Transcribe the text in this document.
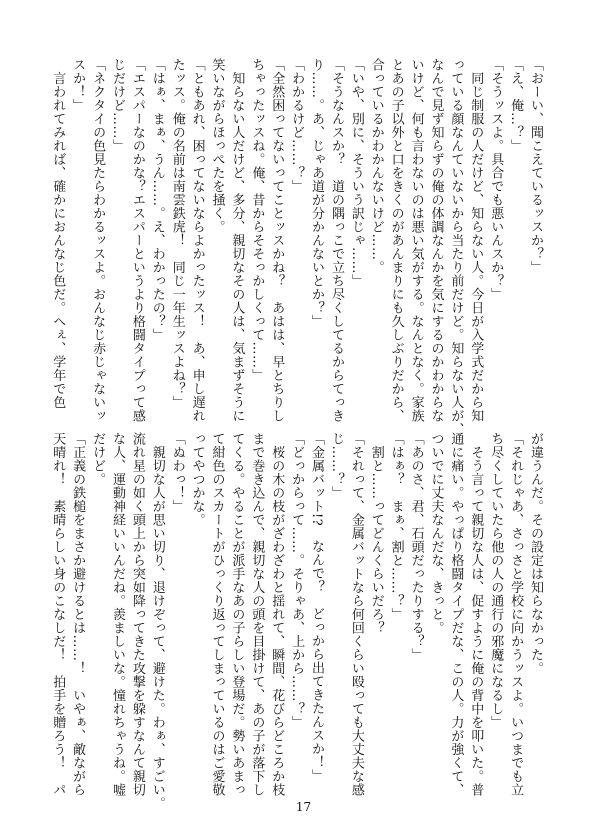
「おーい、聞こえているッスか？」

「え、俺…？」

「そうッスよ。具合でも悪いんスか？」

　同じ制服の人だけど、知らない人。今日が入学式だから知

っている顔なんていないから当たり前だけど。知らない人が、

なんで見ず知らずの俺の体調なんかを気にするのかわからな

いけど、何も言わないのは悪い気がする。なんとなく。家族

とあの子以外と口をきくのがあんまりにも久しぶりだから、

合っているかわかんないけど……。

「いや、別に、そういう訳じゃ……」

「そうなんスか？　道の隅っこで立ち尽くしてるからてっき

り……。あ、じゃあ道が分かんないとか？」

「わかるけど……？」

「全然困ってないってことッスかね？　あはは、早とちりし

ちゃったッスね。俺、昔からそそっかしくって……」

　知らない人だけど、多分、親切なその人は、気まずそうに

笑いながらほっぺたを掻く。

「ともあれ、困ってないならよかったッス！　あ、申し遅れ

たッス。俺の名前は南雲鉄虎！　同じ一年生ッスよね？」

「はぁ、まぁ、うん……。え、わかったの？」

「エスパーなのかな？エスパーというより格闘タイプって感

じだけど……」

「ネクタイの色見たらわかるッスよ。おんなじ赤じゃないッ

スか！」

　言われてみれば、確かにおんなじ色だ。へぇ、学年で色

が違うんだ。その設定は知らなかった。

「それじゃあ、さっさと学校に向かうッスよ。いつまでも立

ち尽くしていたら他の人の通行の邪魔になるし」

　そう言って親切な人は、促すように俺の背中を叩いた。普

通に痛い。やっぱり格闘タイプだな、この人。力が強くて、

ついでに丈夫なんだな、きっと。

「あのさ、君、石頭だったりする？」

「はぁ？　まぁ、割と……？」

　割と……ってどんくらいだろ？

「それって、金属バットなら何回くらい殴っても大丈夫な感

じ……？」

「金属バット!?　なんで？　どっから出てきたんスか！」

「どっからって……。そりゃあ、上から……？」

　桜の木の枝がざわざわと揺れて、瞬間、花びらどころか枝

まで巻き込んで、親切な人の頭を目掛けて、あの子が落下し

てくる。やることが派手なあの子らしい登場だ。勢いあまっ

て紺色のスカートがひっくり返ってしまっているのはご愛敬

ってやつかな。

「ぬわっ！」

　親切な人が思い切り、退けぞって、避けた。わぁ、すごい。

流れ星の如く頭上から突如降ってきた攻撃を躱すなんて親切

な人、運動神経いいんだね。羨ましいな。憧れちゃうね。嘘

だけど。

「正義の鉄槌をまさか避けるとは……！　いやぁ、敵ながら

天晴れ！　素晴らしい身のこなしだ！　拍手を贈ろう！　パ

17
